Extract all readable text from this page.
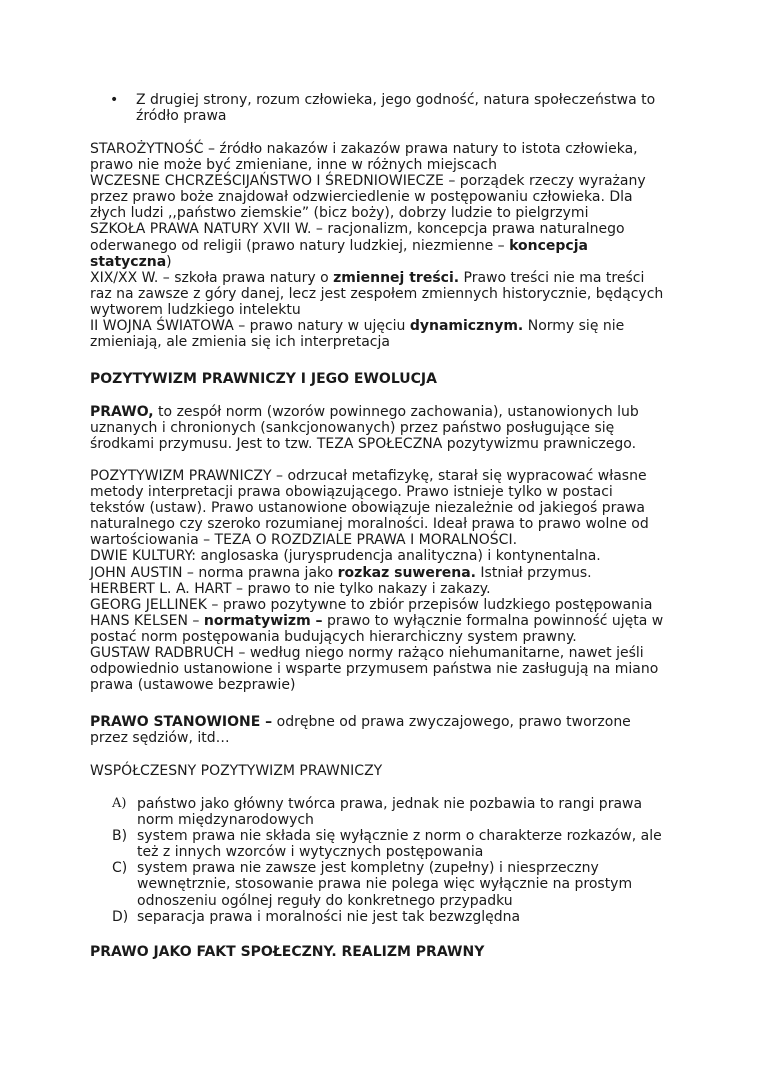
• Z drugiej strony, rozum człowieka, jego godność, natura społeczeństwa to
źródło prawa
STAROŻYTNOŚĆ – źródło nakazów i zakazów prawa natury to istota człowieka,
prawo nie może być zmieniane, inne w różnych miejscach
WCZESNE CHCRZEŚCIJAŃSTWO I ŚREDNIOWIECZE – porządek rzeczy wyrażany
przez prawo boże znajdował odzwierciedlenie w postępowaniu człowieka. Dla
złych ludzi ,,państwo ziemskie” (bicz boży), dobrzy ludzie to pielgrzymi
SZKOŁA PRAWA NATURY XVII W. – racjonalizm, koncepcja prawa naturalnego
oderwanego od religii (prawo natury ludzkiej, niezmienne – koncepcja
statyczna)
XIX/XX W. – szkoła prawa natury o zmiennej treści. Prawo treści nie ma treści
raz na zawsze z góry danej, lecz jest zespołem zmiennych historycznie, będących
wytworem ludzkiego intelektu
II WOJNA ŚWIATOWA – prawo natury w ujęciu dynamicznym. Normy się nie
zmieniają, ale zmienia się ich interpretacja
POZYTYWIZM PRAWNICZY I JEGO EWOLUCJA
PRAWO, to zespół norm (wzorów powinnego zachowania), ustanowionych lub
uznanych i chronionych (sankcjonowanych) przez państwo posługujące się
środkami przymusu. Jest to tzw. TEZA SPOŁECZNA pozytywizmu prawniczego.
POZYTYWIZM PRAWNICZY – odrzucał metafizykę, starał się wypracować własne
metody interpretacji prawa obowiązującego. Prawo istnieje tylko w postaci
tekstów (ustaw). Prawo ustanowione obowiązuje niezależnie od jakiegoś prawa
naturalnego czy szeroko rozumianej moralności. Ideał prawa to prawo wolne od
wartościowania – TEZA O ROZDZIALE PRAWA I MORALNOŚCI.
DWIE KULTURY: anglosaska (jurysprudencja analityczna) i kontynentalna.
JOHN AUSTIN – norma prawna jako rozkaz suwerena. Istniał przymus.
HERBERT L. A. HART – prawo to nie tylko nakazy i zakazy.
GEORG JELLINEK – prawo pozytywne to zbiór przepisów ludzkiego postępowania
HANS KELSEN – normatywizm – prawo to wyłącznie formalna powinność ujęta w
postać norm postępowania budujących hierarchiczny system prawny.
GUSTAW RADBRUCH – według niego normy rażąco niehumanitarne, nawet jeśli
odpowiednio ustanowione i wsparte przymusem państwa nie zasługują na miano
prawa (ustawowe bezprawie)
PRAWO STANOWIONE – odrębne od prawa zwyczajowego, prawo tworzone
przez sędziów, itd…
WSPÓŁCZESNY POZYTYWIZM PRAWNICZY
A) państwo jako główny twórca prawa, jednak nie pozbawia to rangi prawa
norm międzynarodowych
B) system prawa nie składa się wyłącznie z norm o charakterze rozkazów, ale
też z innych wzorców i wytycznych postępowania
C) system prawa nie zawsze jest kompletny (zupełny) i niesprzeczny
wewnętrznie, stosowanie prawa nie polega więc wyłącznie na prostym
odnoszeniu ogólnej reguły do konkretnego przypadku
D) separacja prawa i moralności nie jest tak bezwzględna
PRAWO JAKO FAKT SPOŁECZNY. REALIZM PRAWNY
